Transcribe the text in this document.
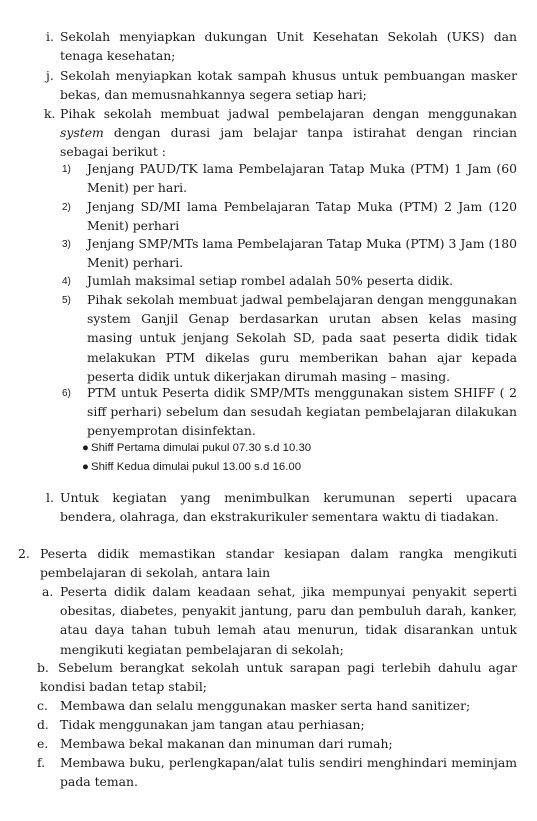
i. Sekolah menyiapkan dukungan Unit Kesehatan Sekolah (UKS) dan tenaga kesehatan;
j. Sekolah menyiapkan kotak sampah khusus untuk pembuangan masker bekas, dan memusnahkannya segera setiap hari;
k. Pihak sekolah membuat jadwal pembelajaran dengan menggunakan system dengan durasi jam belajar tanpa istirahat dengan rincian sebagai berikut :
1) Jenjang PAUD/TK lama Pembelajaran Tatap Muka (PTM) 1 Jam (60 Menit) per hari.
2) Jenjang SD/MI lama Pembelajaran Tatap Muka (PTM) 2 Jam (120 Menit) perhari
3) Jenjang SMP/MTs lama Pembelajaran Tatap Muka (PTM) 3 Jam (180 Menit) perhari.
4) Jumlah maksimal setiap rombel adalah 50% peserta didik.
5) Pihak sekolah membuat jadwal pembelajaran dengan menggunakan system Ganjil Genap berdasarkan urutan absen kelas masing masing untuk jenjang Sekolah SD, pada saat peserta didik tidak melakukan PTM dikelas guru memberikan bahan ajar kepada peserta didik untuk dikerjakan dirumah masing – masing.
6) PTM untuk Peserta didik SMP/MTs menggunakan sistem SHIFF ( 2 siff perhari) sebelum dan sesudah kegiatan pembelajaran dilakukan penyemprotan disinfektan.
● Shiff Pertama dimulai pukul 07.30 s.d 10.30
● Shiff Kedua dimulai pukul 13.00 s.d 16.00
l. Untuk kegiatan yang menimbulkan kerumunan seperti upacara bendera, olahraga, dan ekstrakurikuler sementara waktu di tiadakan.
2. Peserta didik memastikan standar kesiapan dalam rangka mengikuti pembelajaran di sekolah, antara lain
a. Peserta didik dalam keadaan sehat, jika mempunyai penyakit seperti obesitas, diabetes, penyakit jantung, paru dan pembuluh darah, kanker, atau daya tahan tubuh lemah atau menurun, tidak disarankan untuk mengikuti kegiatan pembelajaran di sekolah;
b. Sebelum berangkat sekolah untuk sarapan pagi terlebih dahulu agar kondisi badan tetap stabil;
c. Membawa dan selalu menggunakan masker serta hand sanitizer;
d. Tidak menggunakan jam tangan atau perhiasan;
e. Membawa bekal makanan dan minuman dari rumah;
f. Membawa buku, perlengkapan/alat tulis sendiri menghindari meminjam pada teman.
